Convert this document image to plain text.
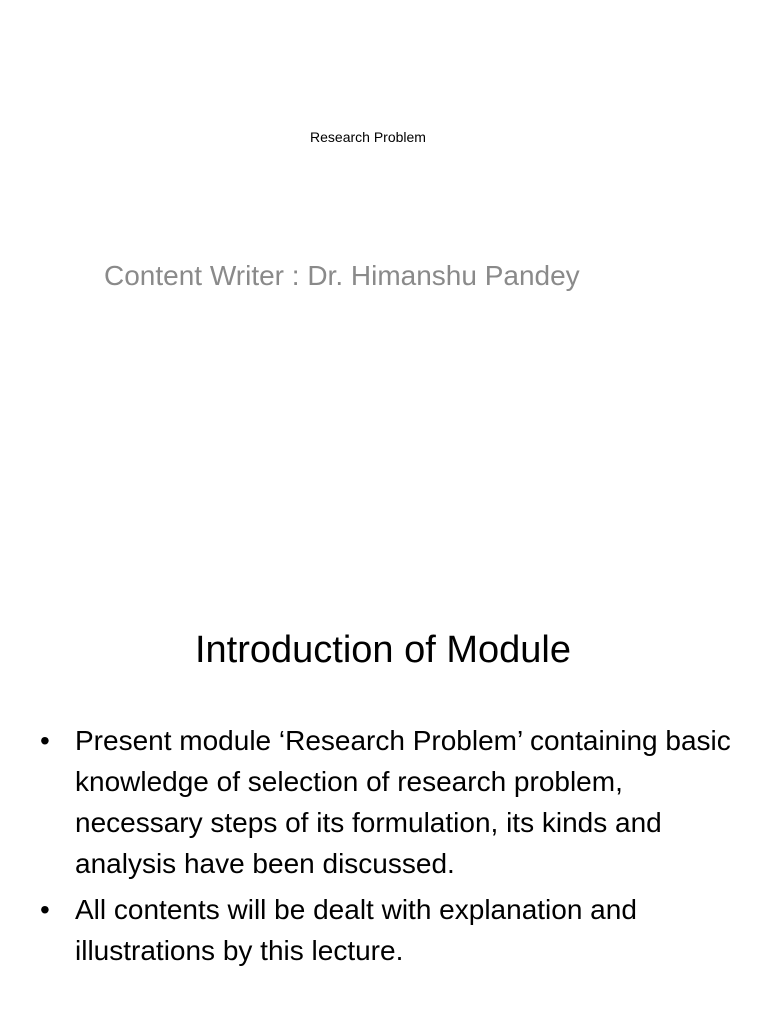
Research Problem
Content Writer : Dr. Himanshu Pandey
Introduction of Module
• Present module ‘Research Problem’ containing basic knowledge of selection of research problem, necessary steps of its formulation, its kinds and analysis have been discussed.
• All contents will be dealt with explanation and illustrations by this lecture.
